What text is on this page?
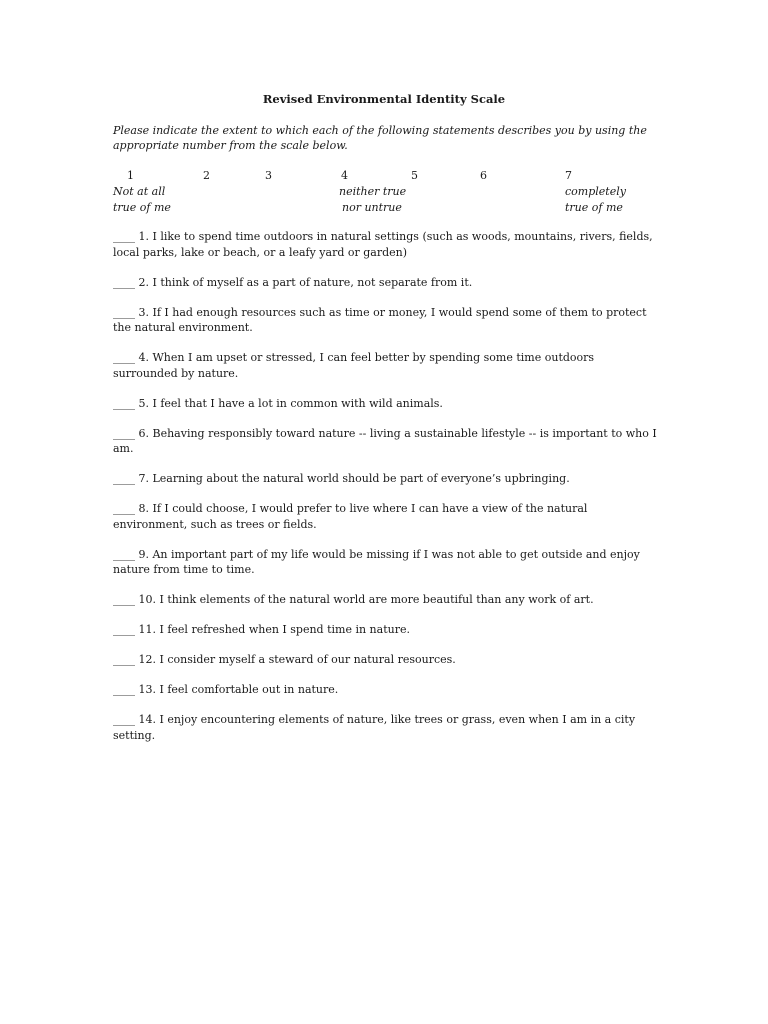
Revised Environmental Identity Scale
Please indicate the extent to which each of the following statements describes you by using the appropriate number from the scale below.
1	2	3	4	5	6	7
Not at all
true of me
neither true
nor untrue
completely
true of me
____ 1. I like to spend time outdoors in natural settings (such as woods, mountains, rivers, fields, local parks, lake or beach, or a leafy yard or garden)
____ 2. I think of myself as a part of nature, not separate from it.
____ 3. If I had enough resources such as time or money, I would spend some of them to protect the natural environment.
____ 4. When I am upset or stressed, I can feel better by spending some time outdoors surrounded by nature.
____ 5. I feel that I have a lot in common with wild animals.
____ 6. Behaving responsibly toward nature -- living a sustainable lifestyle -- is important to who I am.
____ 7. Learning about the natural world should be part of everyone’s upbringing.
____ 8. If I could choose, I would prefer to live where I can have a view of the natural environment, such as trees or fields.
____ 9. An important part of my life would be missing if I was not able to get outside and enjoy nature from time to time.
____ 10. I think elements of the natural world are more beautiful than any work of art.
____ 11. I feel refreshed when I spend time in nature.
____ 12. I consider myself a steward of our natural resources.
____ 13. I feel comfortable out in nature.
____ 14. I enjoy encountering elements of nature, like trees or grass, even when I am in a city setting.
